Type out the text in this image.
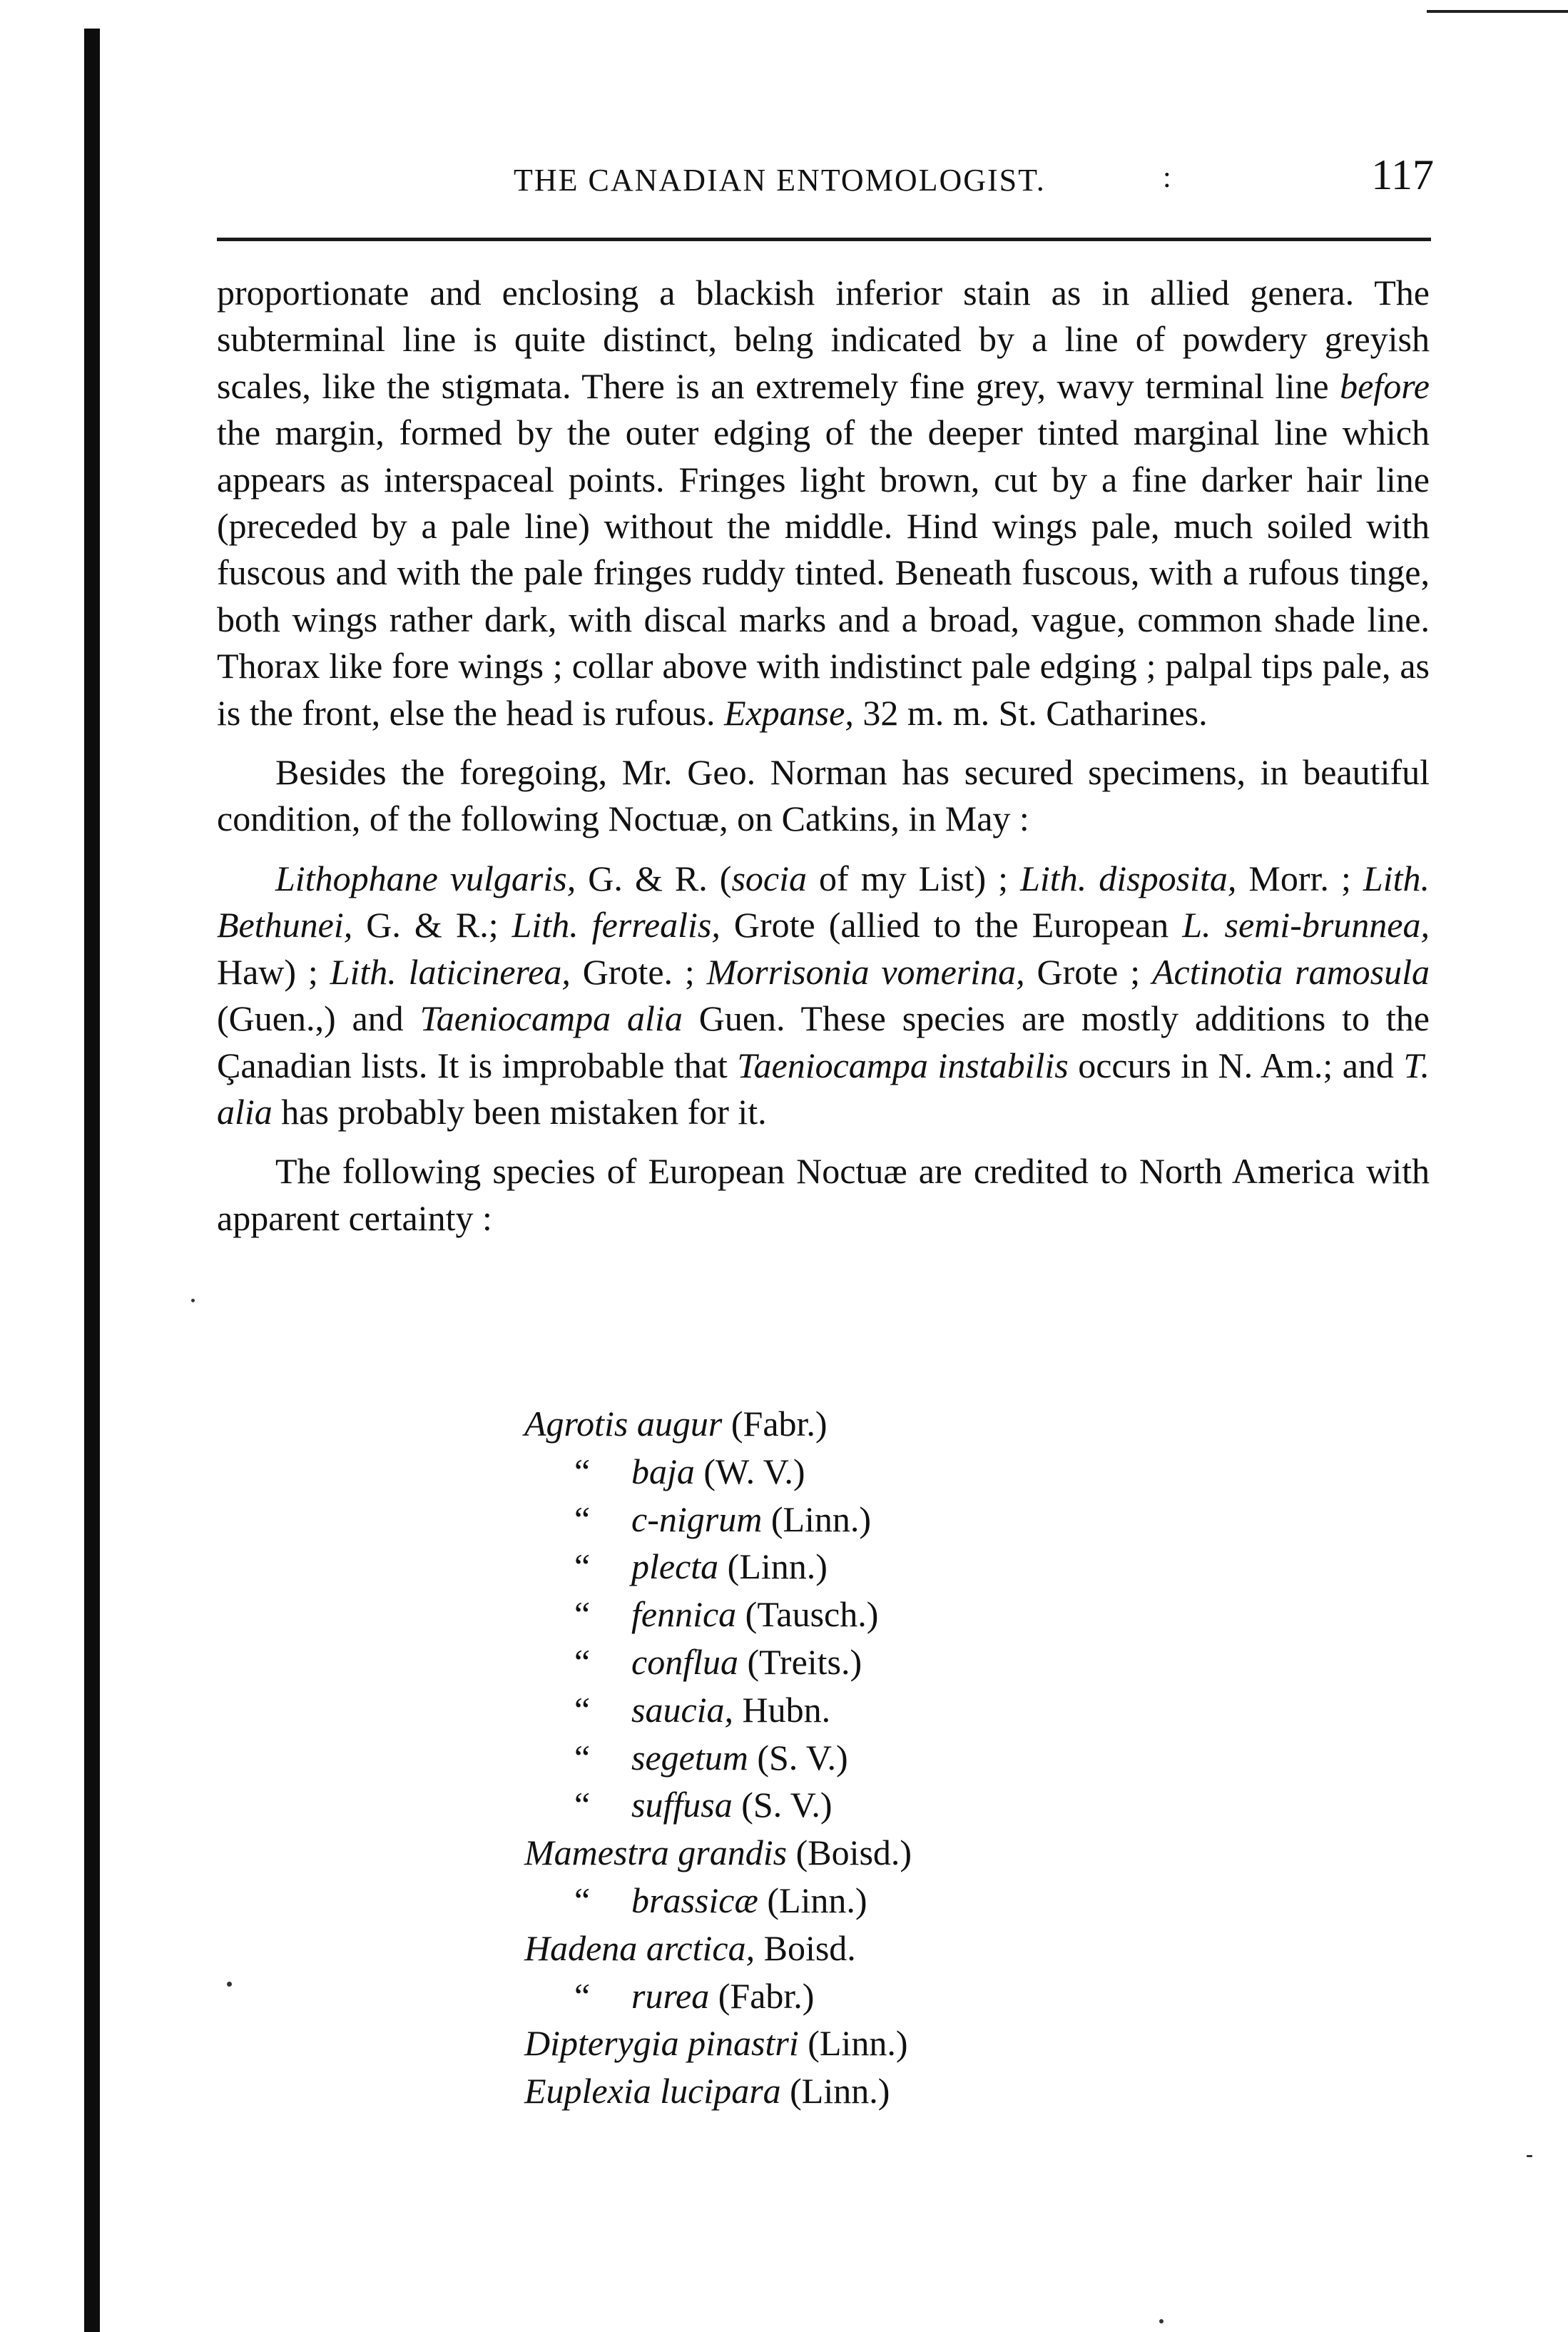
THE CANADIAN ENTOMOLOGIST.	:	117

proportionate and enclosing a blackish inferior stain as in allied genera. The subterminal line is quite distinct, belng indicated by a line of powdery greyish scales, like the stigmata. There is an extremely fine grey, wavy terminal line before the margin, formed by the outer edging of the deeper tinted marginal line which appears as interspaceal points. Fringes light brown, cut by a fine darker hair line (preceded by a pale line) without the middle. Hind wings pale, much soiled with fuscous and with the pale fringes ruddy tinted. Beneath fuscous, with a rufous tinge, both wings rather dark, with discal marks and a broad, vague, common shade line. Thorax like fore wings ; collar above with indistinct pale edging ; palpal tips pale, as is the front, else the head is rufous. Expanse, 32 m. m. St. Catharines.

Besides the foregoing, Mr. Geo. Norman has secured specimens, in beautiful condition, of the following Noctuæ, on Catkins, in May :

Lithophane vulgaris, G. & R. (socia of my List) ; Lith. disposita, Morr. ; Lith. Bethunei, G. & R.; Lith. ferrealis, Grote (allied to the European L. semi-brunnea, Haw) ; Lith. laticinerea, Grote. ; Morrisonia vomerina, Grote ; Actinotia ramosula (Guen.,) and Taeniocampa alia Guen. These species are mostly additions to the Çanadian lists. It is improbable that Taeniocampa instabilis occurs in N. Am.; and T. alia has probably been mistaken for it.

The following species of European Noctuæ are credited to North America with apparent certainty :

Agrotis augur (Fabr.)
“ baja (W. V.)
“ c-nigrum (Linn.)
“ plecta (Linn.)
“ fennica (Tausch.)
“ conflua (Treits.)
“ saucia, Hubn.
“ segetum (S. V.)
“ suffusa (S. V.)
Mamestra grandis (Boisd.)
“ brassicæ (Linn.)
Hadena arctica, Boisd.
“ rurea (Fabr.)
Dipterygia pinastri (Linn.)
Euplexia lucipara (Linn.)
